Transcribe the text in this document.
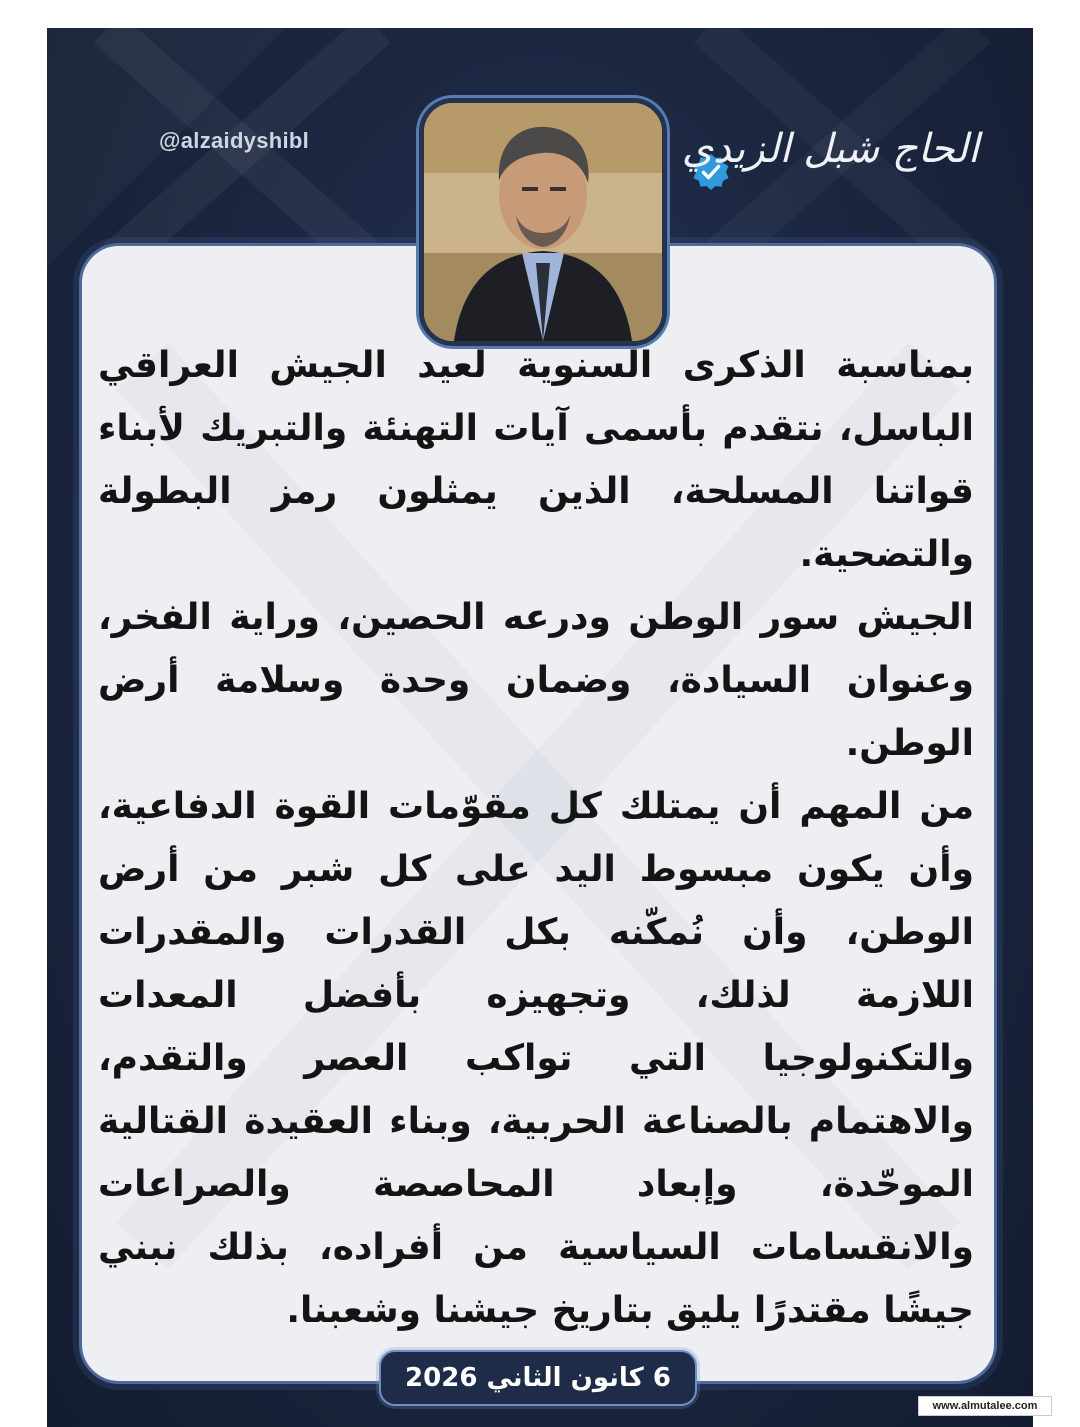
@alzaidyshibl	الحاج شبل الزيدي

بمناسبة الذكرى السنوية لعيد الجيش العراقي الباسل، نتقدم بأسمى آيات التهنئة والتبريك لأبناء قواتنا المسلحة، الذين يمثلون رمز البطولة والتضحية.

الجيش سور الوطن ودرعه الحصين، وراية الفخر، وعنوان السيادة، وضمان وحدة وسلامة أرض الوطن.

من المهم أن يمتلك كل مقوّمات القوة الدفاعية، وأن يكون مبسوط اليد على كل شبر من أرض الوطن، وأن نُمكّنه بكل القدرات والمقدرات اللازمة لذلك، وتجهيزه بأفضل المعدات والتكنولوجيا التي تواكب العصر والتقدم، والاهتمام بالصناعة الحربية، وبناء العقيدة القتالية الموحّدة، وإبعاد المحاصصة والصراعات والانقسامات السياسية من أفراده، بذلك نبني جيشًا مقتدرًا يليق بتاريخ جيشنا وشعبنا.

6 كانون الثاني 2026
www.almutalee.com
